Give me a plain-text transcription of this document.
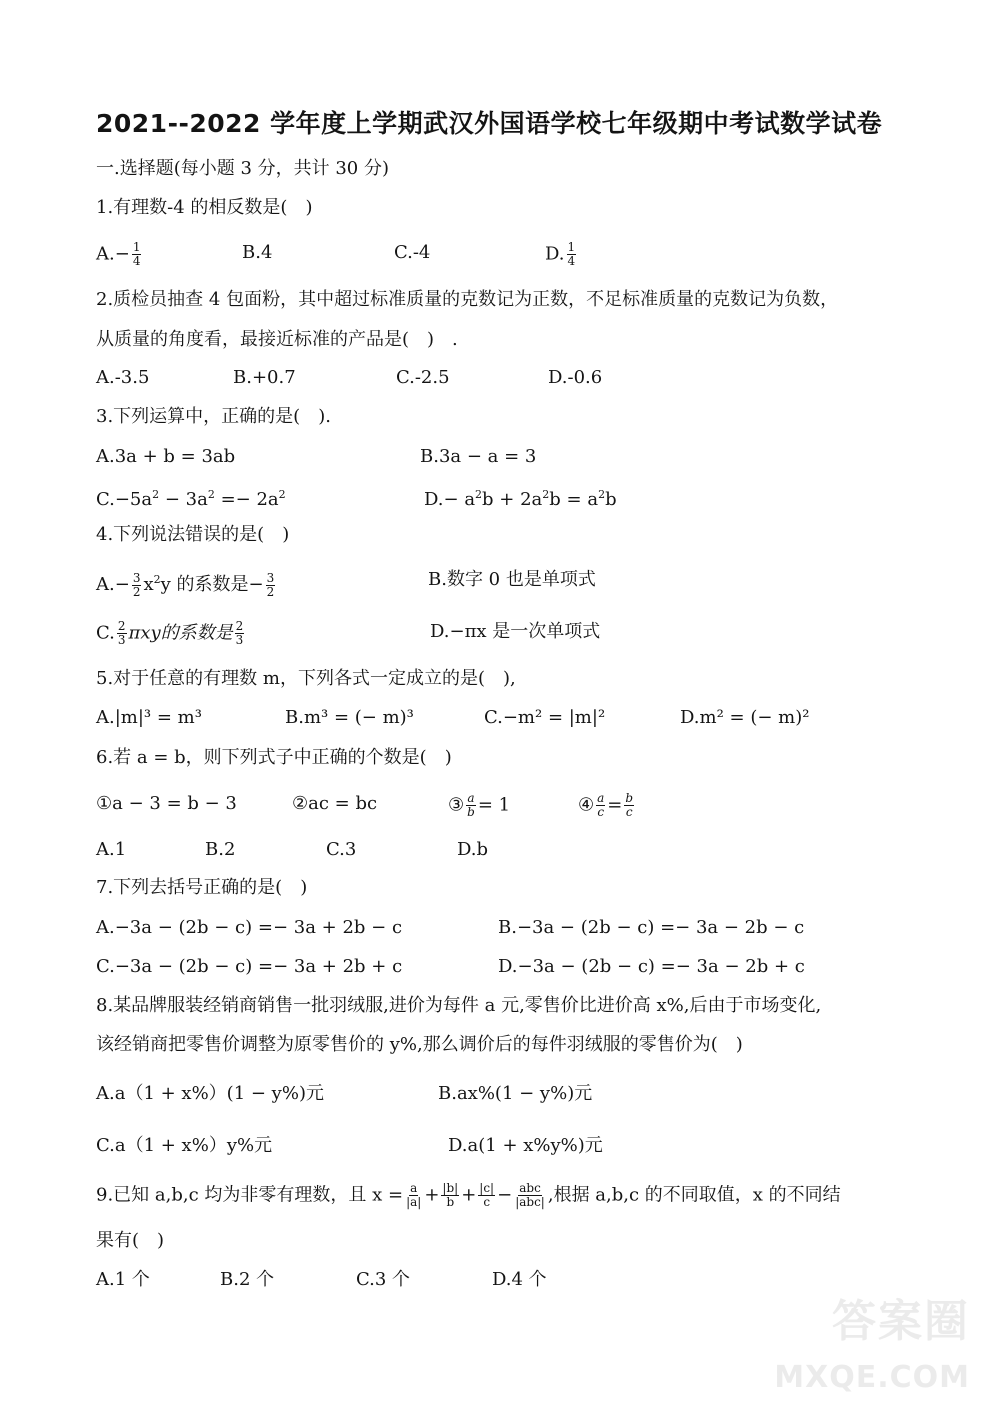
2021--2022 学年度上学期武汉外国语学校七年级期中考试数学试卷
一.选择题(每小题 3 分，共计 30 分)
1.有理数-4 的相反数是(　)
$A.- \frac{1}{4}$	B.4	C.-4	D. $\frac{1}{4}$
2.质检员抽查 4 包面粉，其中超过标准质量的克数记为正数，不足标准质量的克数记为负数，
从质量的角度看，最接近标准的产品是(　)　.
A.-3.5	B.+0.7	C.-2.5	D.-0.6
3.下列运算中，正确的是(　).
A.3a + b = 3ab	B.3a − a = 3
$C.-5a^2 - 3a^2 =- 2a^2$	$D.- a^2b + 2a^2b = a^2b$
4.下列说法错误的是(　)
$A.- \frac{3}{2} x^2y$ 的系数是− $\frac{3}{2}$	B.数字 0 也是单项式
C. $\frac{2}{3}$ πxy的系数是 $\frac{2}{3}$	D.−πx 是一次单项式
5.对于任意的有理数 m，下列各式一定成立的是(　),
A.|m|³ = m³	B.m³ = (− m)³	C.−m² = |m|²	D.m² = (− m)²
6.若 a = b，则下列式子中正确的个数是(　)
①a − 3 = b − 3	②ac = bc	③ $\frac{a}{b} = 1$	④ $\frac{a}{c} = \frac{b}{c}$
A.1	B.2	C.3	D.b
7.下列去括号正确的是(　)
A.−3a − (2b − c) =− 3a + 2b − c	B.−3a − (2b − c) =− 3a − 2b − c
C.−3a − (2b − c) =− 3a + 2b + c	D.−3a − (2b − c) =− 3a − 2b + c
8.某品牌服装经销商销售一批羽绒服,进价为每件 a 元,零售价比进价高 x%,后由于市场变化,
该经销商把零售价调整为原零售价的 y%,那么调价后的每件羽绒服的零售价为(　)
A.a（1 + x%）(1 − y%)元	B.ax%(1 − y%)元
C.a（1 + x%）y%元	D.a(1 + x%y%)元
9.已知 a,b,c 均为非零有理数，且 $x = \frac{a}{|a|} + \frac{|b|}{b} + \frac{|c|}{c} - \frac{\text{abc}}{\text{|abc|}}$ ,根据 a,b,c 的不同取值，x 的不同结
果有(　)
A.1 个	B.2 个	C.3 个	D.4 个
答案圈
MXQE.COM
